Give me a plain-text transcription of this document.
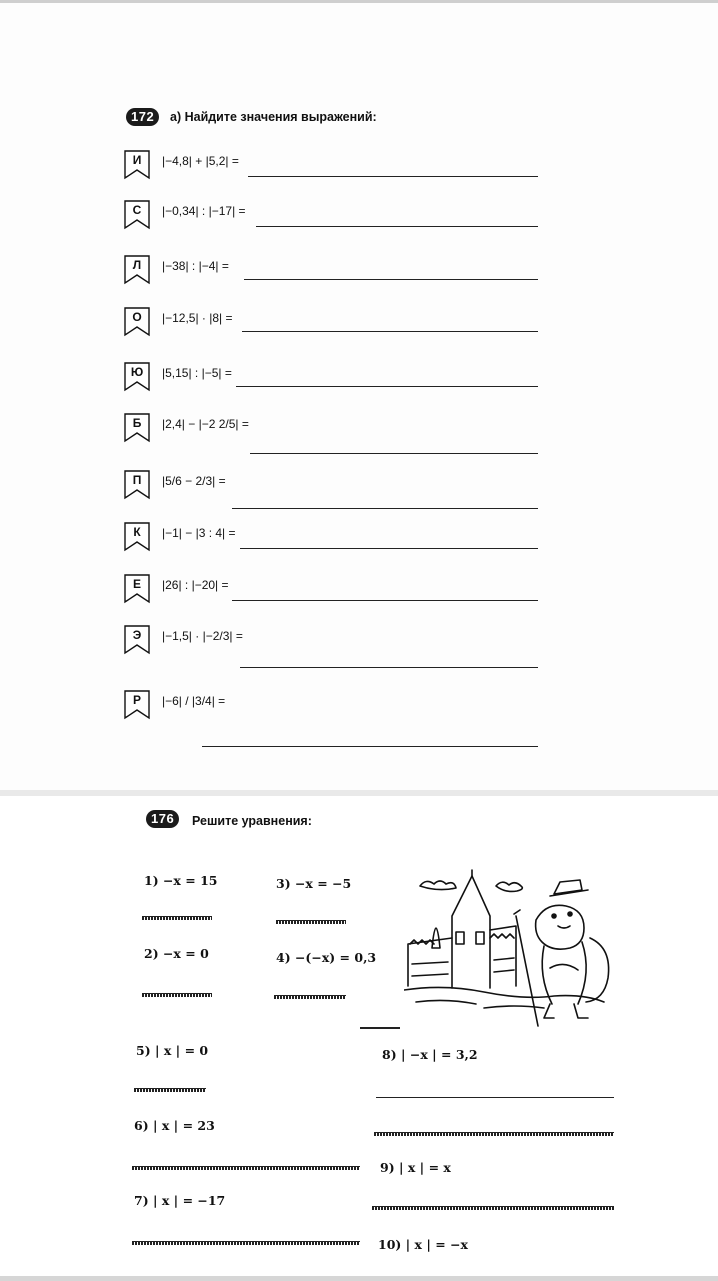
172	а) Найдите значения выражений:
И	|−4,8| + |5,2| =
С	|−0,34| : |−17| =
Л	|−38| : |−4| =
О	|−12,5| · |8| =
Ю	|5,15| : |−5| =
Б	|2,4| − |−2 2/5| =
П	|5/6 − 2/3| =
К	|−1| − |3 : 4| =
Е	|26| : |−20| =
Э	|−1,5| · |−2/3| =
Р	|−6| / |3/4| =
176	Решите уравнения:
1) −x = 15
2) −x = 0
3) −x = −5
4) −(−x) = 0,3
5) | x | = 0
6) | x | = 23
7) | x | = −17
8) | −x | = 3,2
9) | x | = x
10) | x | = −x
